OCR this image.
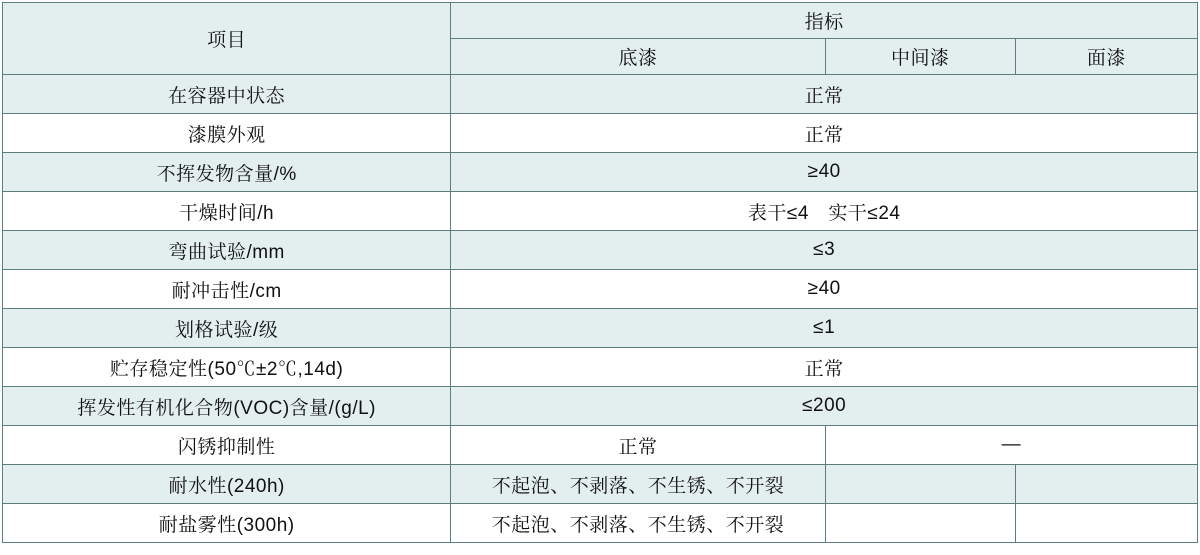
项目	指标		
	底漆	中间漆	面漆
在容器中状态	正常		
漆膜外观	正常		
不挥发物含量/%	≥40		
干燥时间/h	表干≤4　实干≤24		
弯曲试验/mm	≤3		
耐冲击性/cm	≥40		
划格试验/级	≤1		
贮存稳定性(50℃±2℃,14d)	正常		
挥发性有机化合物(VOC)含量/(g/L)	≤200		
闪锈抑制性	正常	—	
耐水性(240h)	不起泡、不剥落、不生锈、不开裂		
耐盐雾性(300h)	不起泡、不剥落、不生锈、不开裂		
